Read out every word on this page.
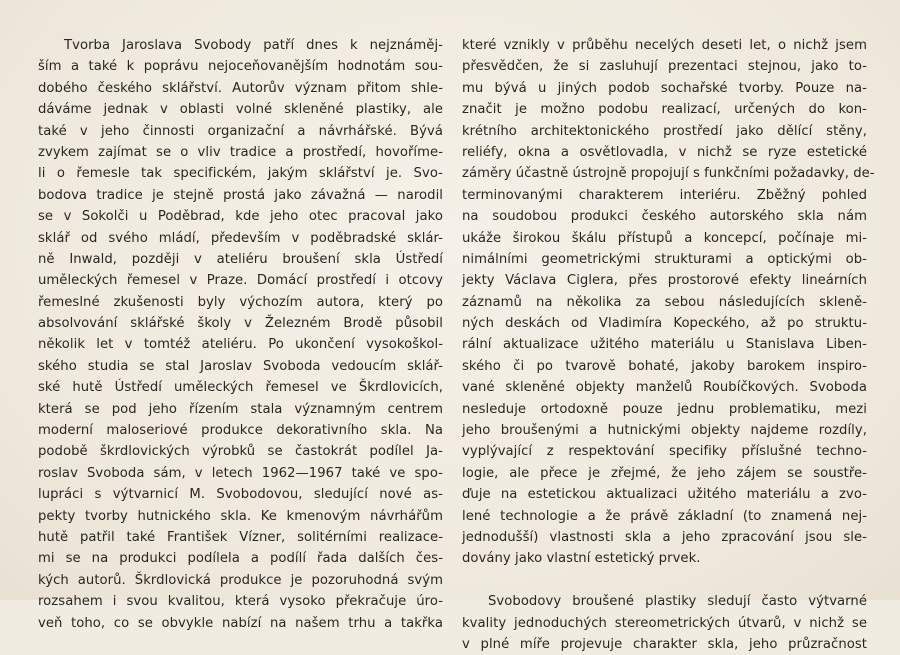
Tvorba Jaroslava Svobody patří dnes k nejznáměj-
ším a také k poprávu nejoceňovanějším hodnotám sou-
dobého českého sklářství. Autorův význam přitom shle-
dáváme jednak v oblasti volné skleněné plastiky, ale
také v jeho činnosti organizační a návrhářské. Bývá
zvykem zajímat se o vliv tradice a prostředí, hovoříme-
li o řemesle tak specifickém, jakým sklářství je. Svo-
bodova tradice je stejně prostá jako závažná — narodil
se v Sokolči u Poděbrad, kde jeho otec pracoval jako
sklář od svého mládí, především v poděbradské sklár-
ně Inwald, později v ateliéru broušení skla Ústředí
uměleckých řemesel v Praze. Domácí prostředí i otcovy
řemeslné zkušenosti byly výchozím autora, který po
absolvování sklářské školy v Železném Brodě působil
několik let v tomtéž ateliéru. Po ukončení vysokoškol-
ského studia se stal Jaroslav Svoboda vedoucím sklář-
ské hutě Ústředí uměleckých řemesel ve Škrdlovicích,
která se pod jeho řízením stala významným centrem
moderní maloseriové produkce dekorativního skla. Na
podobě škrdlovických výrobků se častokrát podílel Ja-
roslav Svoboda sám, v letech 1962—1967 také ve spo-
lupráci s výtvarnicí M. Svobodovou, sledující nové as-
pekty tvorby hutnického skla. Ke kmenovým návrhářům
hutě patřil také František Vízner, solitérními realizace-
mi se na produkci podílela a podílí řada dalších čes-
kých autorů. Škrdlovická produkce je pozoruhodná svým
rozsahem i svou kvalitou, která vysoko překračuje úro-
veň toho, co se obvykle nabízí na našem trhu a takřka
které vznikly v průběhu necelých deseti let, o nichž jsem
přesvědčen, že si zasluhují prezentaci stejnou, jako to-
mu bývá u jiných podob sochařské tvorby. Pouze na-
značit je možno podobu realizací, určených do kon-
krétního architektonického prostředí jako dělící stěny,
reliéfy, okna a osvětlovadla, v nichž se ryze estetické
záměry účastně ústrojně propojují s funkčními požadavky, de-
terminovanými charakterem interiéru. Zběžný pohled
na soudobou produkci českého autorského skla nám
ukáže širokou škálu přístupů a koncepcí, počínaje mi-
nimálními geometrickými strukturami a optickými ob-
jekty Václava Ciglera, přes prostorové efekty lineárních
záznamů na několika za sebou následujících skleně-
ných deskách od Vladimíra Kopeckého, až po struktu-
rální aktualizace užitého materiálu u Stanislava Liben-
ského či po tvarově bohaté, jakoby barokem inspiro-
vané skleněné objekty manželů Roubíčkových. Svoboda
nesleduje ortodoxně pouze jednu problematiku, mezi
jeho broušenými a hutnickými objekty najdeme rozdíly,
vyplývající z respektování specifiky příslušné techno-
logie, ale přece je zřejmé, že jeho zájem se soustře-
ďuje na estetickou aktualizaci užitého materiálu a zvo-
lené technologie a že právě základní (to znamená nej-
jednodušší) vlastnosti skla a jeho zpracování jsou sle-
dovány jako vlastní estetický prvek.
Svobodovy broušené plastiky sledují často výtvarné
kvality jednoduchých stereometrických útvarů, v nichž se
v plné míře projevuje charakter skla, jeho průzračnost
